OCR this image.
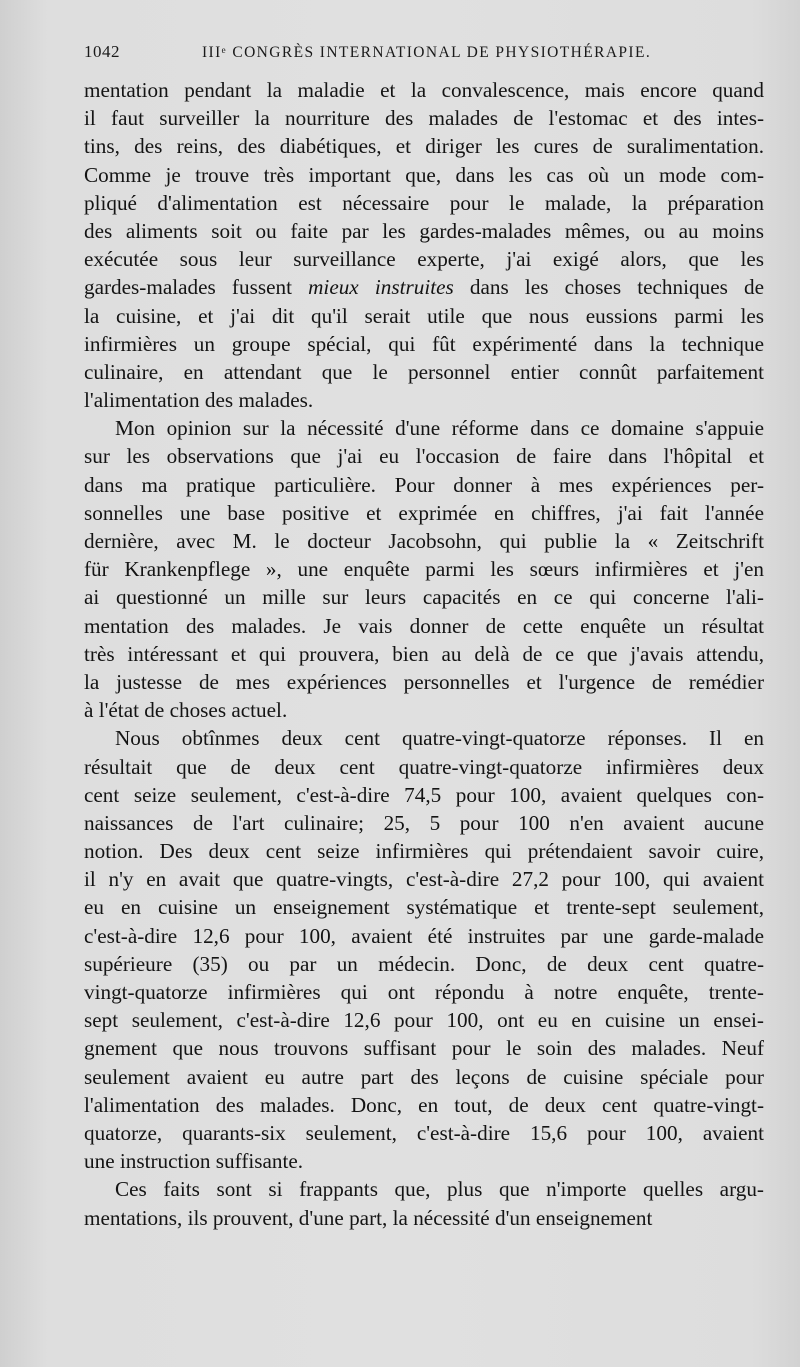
1042	IIIᵉ CONGRÈS INTERNATIONAL DE PHYSIOTHÉRAPIE.

mentation pendant la maladie et la convalescence, mais encore quand
il faut surveiller la nourriture des malades de l'estomac et des intes-
tins, des reins, des diabétiques, et diriger les cures de suralimentation.
Comme je trouve très important que, dans les cas où un mode com-
pliqué d'alimentation est nécessaire pour le malade, la préparation
des aliments soit ou faite par les gardes-malades mêmes, ou au moins
exécutée sous leur surveillance experte, j'ai exigé alors, que les
gardes-malades fussent mieux instruites dans les choses techniques de
la cuisine, et j'ai dit qu'il serait utile que nous eussions parmi les
infirmières un groupe spécial, qui fût expérimenté dans la technique
culinaire, en attendant que le personnel entier connût parfaitement
l'alimentation des malades.

Mon opinion sur la nécessité d'une réforme dans ce domaine s'appuie
sur les observations que j'ai eu l'occasion de faire dans l'hôpital et
dans ma pratique particulière. Pour donner à mes expériences per-
sonnelles une base positive et exprimée en chiffres, j'ai fait l'année
dernière, avec M. le docteur Jacobsohn, qui publie la « Zeitschrift
für Krankenpflege », une enquête parmi les sœurs infirmières et j'en
ai questionné un mille sur leurs capacités en ce qui concerne l'ali-
mentation des malades. Je vais donner de cette enquête un résultat
très intéressant et qui prouvera, bien au delà de ce que j'avais attendu,
la justesse de mes expériences personnelles et l'urgence de remédier
à l'état de choses actuel.

Nous obtînmes deux cent quatre-vingt-quatorze réponses. Il en
résultait que de deux cent quatre-vingt-quatorze infirmières deux
cent seize seulement, c'est-à-dire 74,5 pour 100, avaient quelques con-
naissances de l'art culinaire; 25, 5 pour 100 n'en avaient aucune
notion. Des deux cent seize infirmières qui prétendaient savoir cuire,
il n'y en avait que quatre-vingts, c'est-à-dire 27,2 pour 100, qui avaient
eu en cuisine un enseignement systématique et trente-sept seulement,
c'est-à-dire 12,6 pour 100, avaient été instruites par une garde-malade
supérieure (35) ou par un médecin. Donc, de deux cent quatre-
vingt-quatorze infirmières qui ont répondu à notre enquête, trente-
sept seulement, c'est-à-dire 12,6 pour 100, ont eu en cuisine un ensei-
gnement que nous trouvons suffisant pour le soin des malades. Neuf
seulement avaient eu autre part des leçons de cuisine spéciale pour
l'alimentation des malades. Donc, en tout, de deux cent quatre-vingt-
quatorze, quarants-six seulement, c'est-à-dire 15,6 pour 100, avaient
une instruction suffisante.

Ces faits sont si frappants que, plus que n'importe quelles argu-
mentations, ils prouvent, d'une part, la nécessité d'un enseignement
